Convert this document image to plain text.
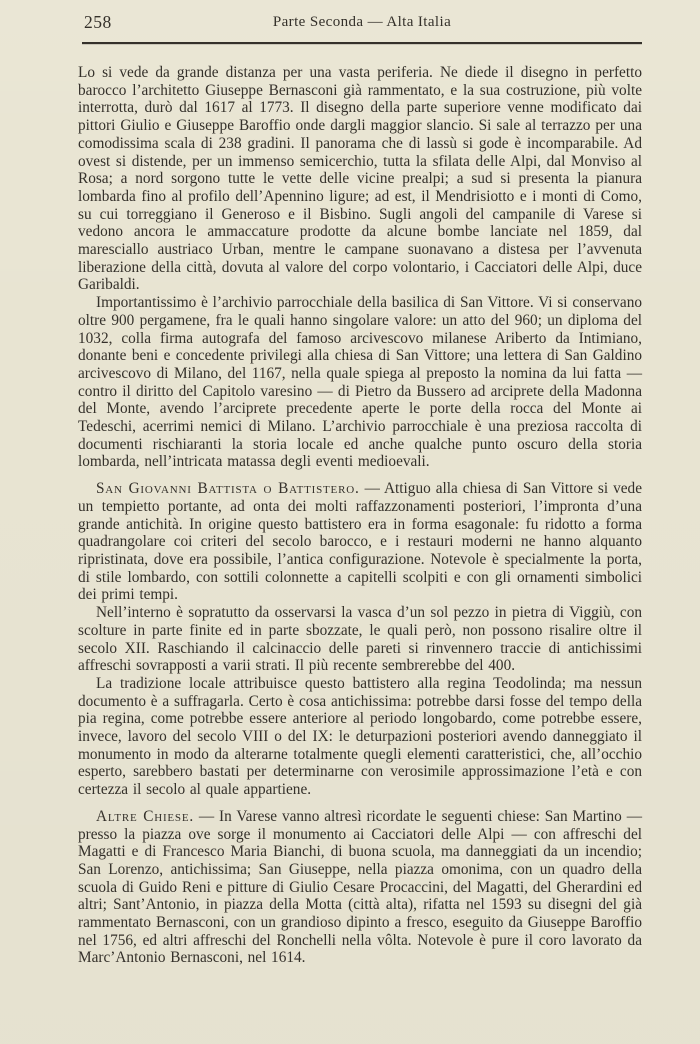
258	Parte Seconda — Alta Italia

Lo si vede da grande distanza per una vasta periferia. Ne diede il disegno in perfetto barocco l’architetto Giuseppe Bernasconi già rammentato, e la sua costruzione, più volte interrotta, durò dal 1617 al 1773. Il disegno della parte superiore venne modificato dai pittori Giulio e Giuseppe Baroffio onde dargli maggior slancio. Si sale al terrazzo per una comodissima scala di 238 gradini. Il panorama che di lassù si gode è incomparabile. Ad ovest si distende, per un immenso semicerchio, tutta la sfilata delle Alpi, dal Monviso al Rosa; a nord sorgono tutte le vette delle vicine prealpi; a sud si presenta la pianura lombarda fino al profilo dell’Apennino ligure; ad est, il Mendrisiotto e i monti di Como, su cui torreggiano il Generoso e il Bisbino. Sugli angoli del campanile di Varese si vedono ancora le ammaccature prodotte da alcune bombe lanciate nel 1859, dal maresciallo austriaco Urban, mentre le campane suonavano a distesa per l’avvenuta liberazione della città, dovuta al valore del corpo volontario, i Cacciatori delle Alpi, duce Garibaldi.

Importantissimo è l’archivio parrocchiale della basilica di San Vittore. Vi si conservano oltre 900 pergamene, fra le quali hanno singolare valore: un atto del 960; un diploma del 1032, colla firma autografa del famoso arcivescovo milanese Ariberto da Intimiano, donante beni e concedente privilegi alla chiesa di San Vittore; una lettera di San Galdino arcivescovo di Milano, del 1167, nella quale spiega al preposto la nomina da lui fatta — contro il diritto del Capitolo varesino — di Pietro da Bussero ad arciprete della Madonna del Monte, avendo l’arciprete precedente aperte le porte della rocca del Monte ai Tedeschi, acerrimi nemici di Milano. L’archivio parrocchiale è una preziosa raccolta di documenti rischiaranti la storia locale ed anche qualche punto oscuro della storia lombarda, nell’intricata matassa degli eventi medioevali.

San Giovanni Battista o Battistero. — Attiguo alla chiesa di San Vittore si vede un tempietto portante, ad onta dei molti raffazzonamenti posteriori, l’impronta d’una grande antichità. In origine questo battistero era in forma esagonale: fu ridotto a forma quadrangolare coi criteri del secolo barocco, e i restauri moderni ne hanno alquanto ripristinata, dove era possibile, l’antica configurazione. Notevole è specialmente la porta, di stile lombardo, con sottili colonnette a capitelli scolpiti e con gli ornamenti simbolici dei primi tempi.

Nell’interno è sopratutto da osservarsi la vasca d’un sol pezzo in pietra di Viggiù, con scolture in parte finite ed in parte sbozzate, le quali però, non possono risalire oltre il secolo XII. Raschiando il calcinaccio delle pareti si rinvennero traccie di antichissimi affreschi sovrapposti a varii strati. Il più recente sembrerebbe del 400.

La tradizione locale attribuisce questo battistero alla regina Teodolinda; ma nessun documento è a suffragarla. Certo è cosa antichissima: potrebbe darsi fosse del tempo della pia regina, come potrebbe essere anteriore al periodo longobardo, come potrebbe essere, invece, lavoro del secolo VIII o del IX: le deturpazioni posteriori avendo danneggiato il monumento in modo da alterarne totalmente quegli elementi caratteristici, che, all’occhio esperto, sarebbero bastati per determinarne con verosimile approssimazione l’età e con certezza il secolo al quale appartiene.

Altre Chiese. — In Varese vanno altresì ricordate le seguenti chiese: San Martino — presso la piazza ove sorge il monumento ai Cacciatori delle Alpi — con affreschi del Magatti e di Francesco Maria Bianchi, di buona scuola, ma danneggiati da un incendio; San Lorenzo, antichissima; San Giuseppe, nella piazza omonima, con un quadro della scuola di Guido Reni e pitture di Giulio Cesare Procaccini, del Magatti, del Gherardini ed altri; Sant’Antonio, in piazza della Motta (città alta), rifatta nel 1593 su disegni del già rammentato Bernasconi, con un grandioso dipinto a fresco, eseguito da Giuseppe Baroffio nel 1756, ed altri affreschi del Ronchelli nella vôlta. Notevole è pure il coro lavorato da Marc’Antonio Bernasconi, nel 1614.
